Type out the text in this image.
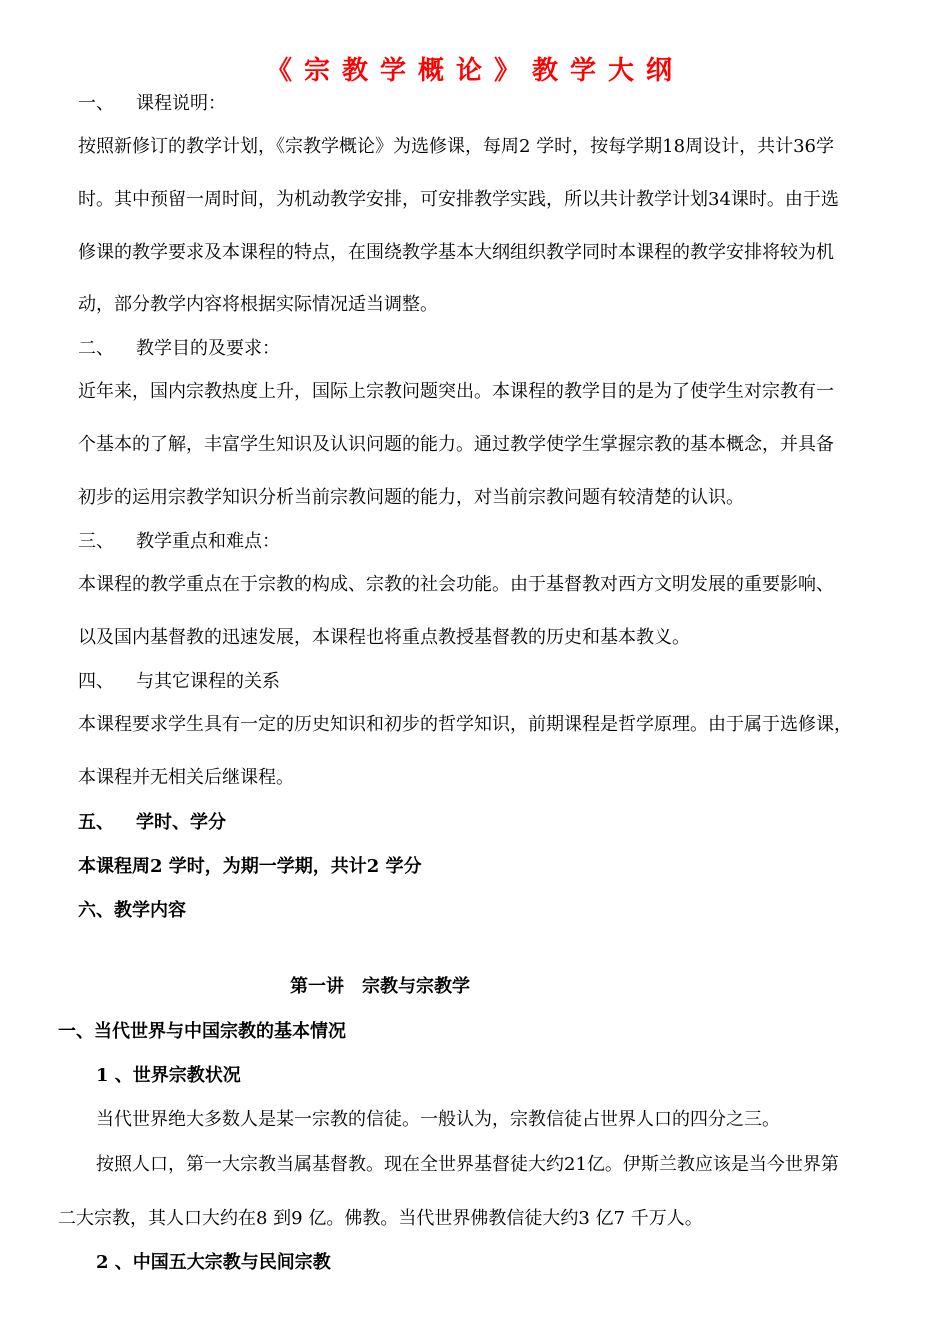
《宗教学概论》教学大纲
一、 课程说明：
按照新修订的教学计划，《宗教学概论》为选修课，每周2 学时，按每学期18周设计，共计36学
时。其中预留一周时间，为机动教学安排，可安排教学实践，所以共计教学计划34课时。由于选
修课的教学要求及本课程的特点，在围绕教学基本大纲组织教学同时本课程的教学安排将较为机
动，部分教学内容将根据实际情况适当调整。
二、 教学目的及要求：
近年来，国内宗教热度上升，国际上宗教问题突出。本课程的教学目的是为了使学生对宗教有一
个基本的了解，丰富学生知识及认识问题的能力。通过教学使学生掌握宗教的基本概念，并具备
初步的运用宗教学知识分析当前宗教问题的能力，对当前宗教问题有较清楚的认识。
三、 教学重点和难点：
本课程的教学重点在于宗教的构成、宗教的社会功能。由于基督教对西方文明发展的重要影响、
以及国内基督教的迅速发展，本课程也将重点教授基督教的历史和基本教义。
四、 与其它课程的关系
本课程要求学生具有一定的历史知识和初步的哲学知识，前期课程是哲学原理。由于属于选修课，
本课程并无相关后继课程。
五、 学时、学分
本课程周2 学时，为期一学期，共计2 学分
六、教学内容
第一讲　宗教与宗教学
一、当代世界与中国宗教的基本情况
1 、世界宗教状况
当代世界绝大多数人是某一宗教的信徒。一般认为，宗教信徒占世界人口的四分之三。
按照人口，第一大宗教当属基督教。现在全世界基督徒大约21亿。伊斯兰教应该是当今世界第
二大宗教，其人口大约在8 到9 亿。佛教。当代世界佛教信徒大约3 亿7 千万人。
2 、中国五大宗教与民间宗教
